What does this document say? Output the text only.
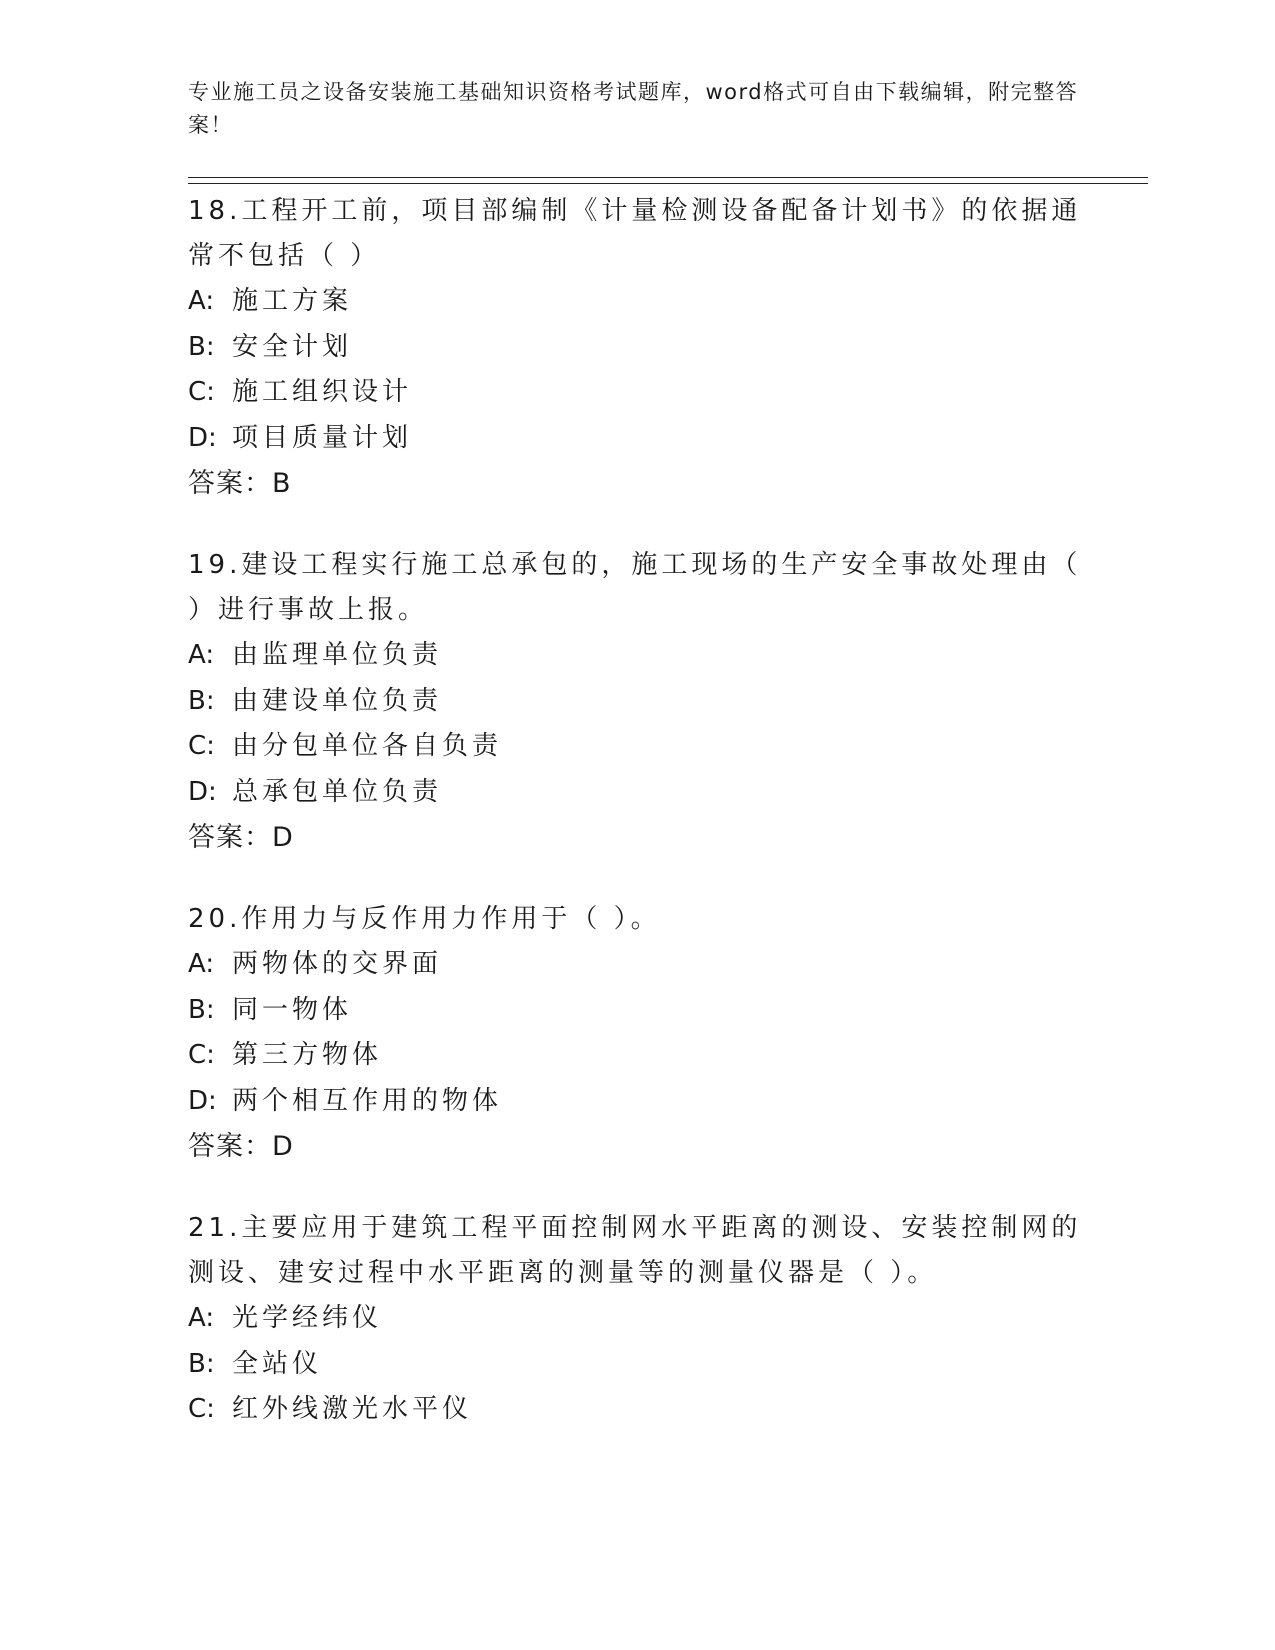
专业施工员之设备安装施工基础知识资格考试题库，word格式可自由下载编辑，附完整答案！
18.工程开工前，项目部编制《计量检测设备配备计划书》的依据通常不包括（ ）
A: 施工方案
B: 安全计划
C: 施工组织设计
D: 项目质量计划
答案：B
19.建设工程实行施工总承包的，施工现场的生产安全事故处理由（ ）进行事故上报。
A: 由监理单位负责
B: 由建设单位负责
C: 由分包单位各自负责
D: 总承包单位负责
答案：D
20.作用力与反作用力作用于（ ）。
A: 两物体的交界面
B: 同一物体
C: 第三方物体
D: 两个相互作用的物体
答案：D
21.主要应用于建筑工程平面控制网水平距离的测设、安装控制网的测设、建安过程中水平距离的测量等的测量仪器是（ ）。
A: 光学经纬仪
B: 全站仪
C: 红外线激光水平仪
